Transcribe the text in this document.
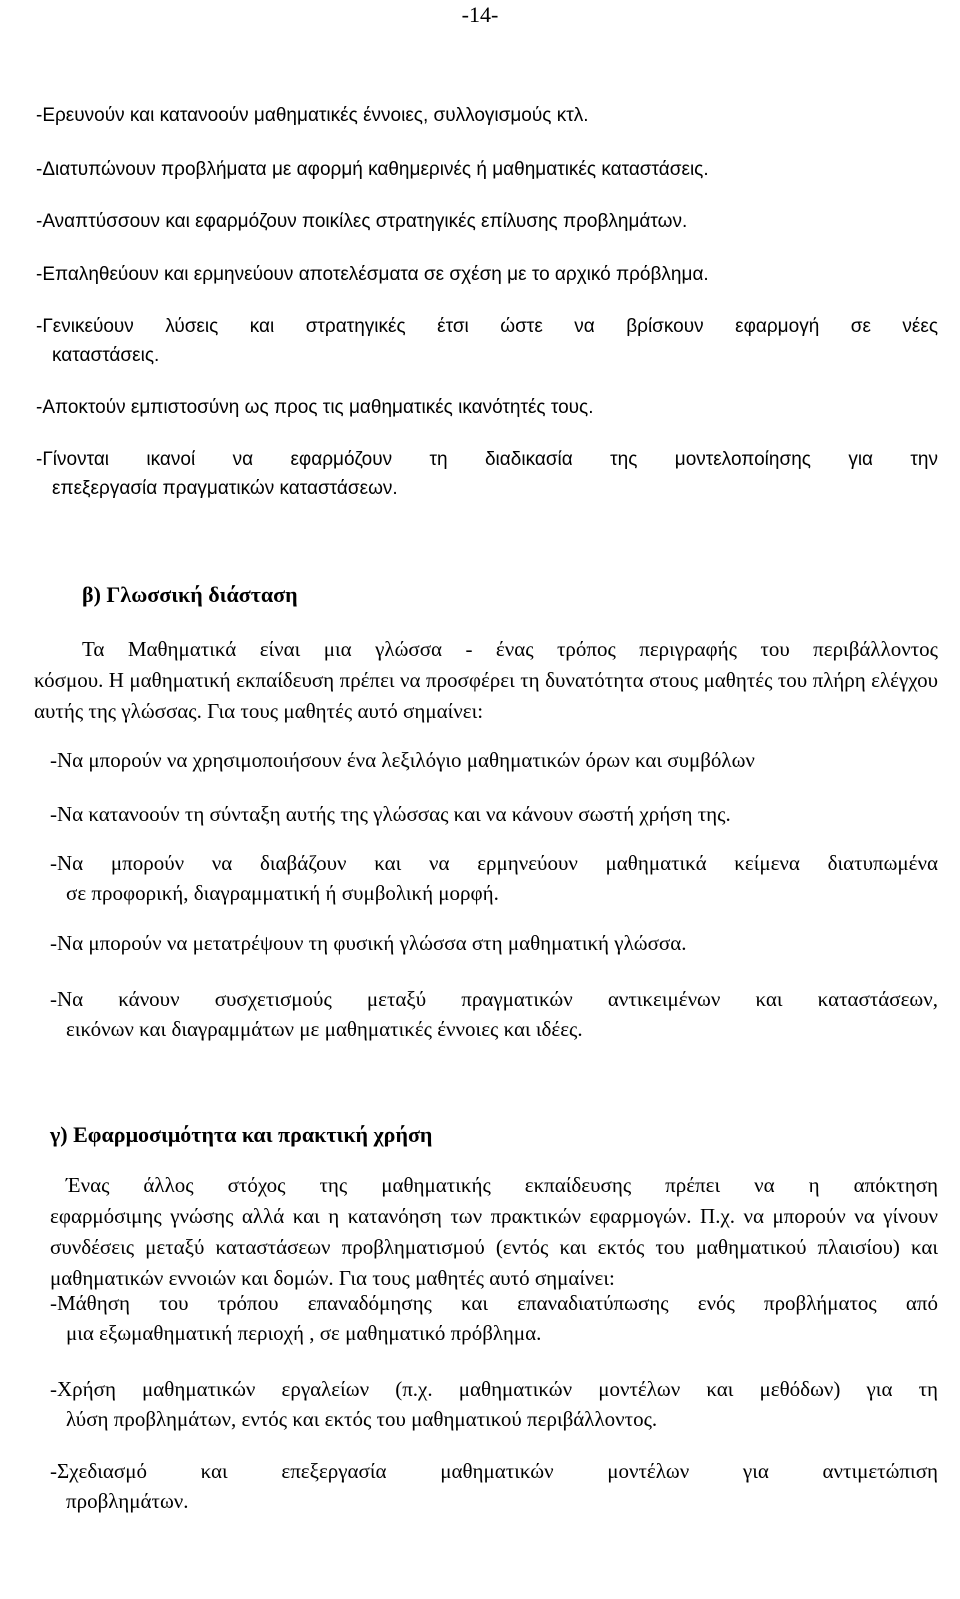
-14-
-Ερευνούν και κατανοούν μαθηματικές έννοιες, συλλογισμούς κτλ.
-Διατυπώνουν προβλήματα με αφορμή καθημερινές ή μαθηματικές καταστάσεις.
-Αναπτύσσουν και εφαρμόζουν ποικίλες στρατηγικές επίλυσης προβλημάτων.
-Επαληθεύουν και ερμηνεύουν αποτελέσματα σε σχέση με το αρχικό πρόβλημα.
-Γενικεύουν λύσεις και στρατηγικές έτσι ώστε να βρίσκουν εφαρμογή σε νέες
καταστάσεις.
-Αποκτούν εμπιστοσύνη ως προς τις μαθηματικές ικανότητές τους.
-Γίνονται ικανοί να εφαρμόζουν τη διαδικασία της μοντελοποίησης για την
επεξεργασία πραγματικών καταστάσεων.
β) Γλωσσική διάσταση
Τα Μαθηματικά είναι μια γλώσσα - ένας τρόπος περιγραφής του περιβάλλοντος
κόσμου. Η μαθηματική εκπαίδευση πρέπει να προσφέρει τη δυνατότητα στους μαθητές του πλήρη ελέγχου αυτής της γλώσσας. Για τους μαθητές αυτό σημαίνει:
-Να μπορούν να χρησιμοποιήσουν ένα λεξιλόγιο μαθηματικών όρων και συμβόλων
-Να κατανοούν τη σύνταξη αυτής της γλώσσας και να κάνουν σωστή χρήση της.
-Να μπορούν να διαβάζουν και να ερμηνεύουν μαθηματικά κείμενα διατυπωμένα
σε προφορική, διαγραμματική ή συμβολική μορφή.
-Να μπορούν να μετατρέψουν τη φυσική γλώσσα στη μαθηματική γλώσσα.
-Να κάνουν συσχετισμούς μεταξύ πραγματικών αντικειμένων και καταστάσεων,
εικόνων και διαγραμμάτων με μαθηματικές έννοιες και ιδέες.
γ) Εφαρμοσιμότητα και πρακτική χρήση
Ένας άλλος στόχος της μαθηματικής εκπαίδευσης πρέπει να η απόκτηση
εφαρμόσιμης γνώσης αλλά και η κατανόηση των πρακτικών εφαρμογών. Π.χ. να μπορούν να γίνουν συνδέσεις μεταξύ καταστάσεων προβληματισμού (εντός και εκτός του μαθηματικού πλαισίου) και μαθηματικών εννοιών και δομών. Για τους μαθητές αυτό σημαίνει:
-Μάθηση του τρόπου επαναδόμησης και επαναδιατύπωσης ενός προβλήματος από
μια εξωμαθηματική περιοχή , σε μαθηματικό πρόβλημα.
-Χρήση μαθηματικών εργαλείων (π.χ. μαθηματικών μοντέλων και μεθόδων) για τη
λύση προβλημάτων, εντός και εκτός του μαθηματικού περιβάλλοντος.
-Σχεδιασμό και επεξεργασία μαθηματικών μοντέλων για αντιμετώπιση
προβλημάτων.
